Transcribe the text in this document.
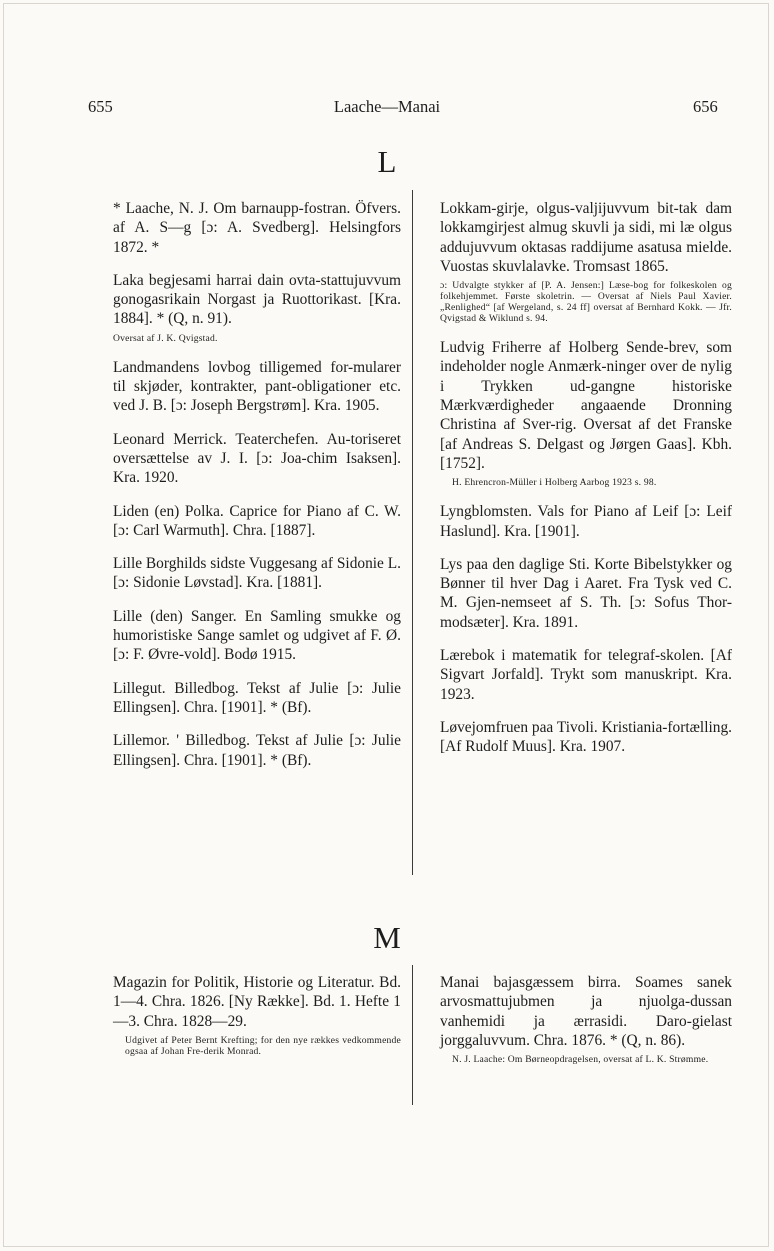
655	Laache—Manai	656
L
* Laache, N. J. Om barnaupp-fostran. Öfvers. af A. S—g [ɔ: A. Svedberg]. Helsingfors 1872. *
Laka begjesami harrai dain ovta-stattujuvvum gonogasrikain Norgast ja Ruottorikast. [Kra. 1884]. * (Q, n. 91).
Oversat af J. K. Qvigstad.
Landmandens lovbog tilligemed for-mularer til skjøder, kontrakter, pant-obligationer etc. ved J. B. [ɔ: Joseph Bergstrøm]. Kra. 1905.
Leonard Merrick. Teaterchefen. Au-toriseret oversættelse av J. I. [ɔ: Joa-chim Isaksen]. Kra. 1920.
Liden (en) Polka. Caprice for Piano af C. W. [ɔ: Carl Warmuth]. Chra. [1887].
Lille Borghilds sidste Vuggesang af Sidonie L. [ɔ: Sidonie Løvstad]. Kra. [1881].
Lille (den) Sanger. En Samling smukke og humoristiske Sange samlet og udgivet af F. Ø. [ɔ: F. Øvre-vold]. Bodø 1915.
Lillegut. Billedbog. Tekst af Julie [ɔ: Julie Ellingsen]. Chra. [1901]. * (Bf).
Lillemor. ' Billedbog. Tekst af Julie [ɔ: Julie Ellingsen]. Chra. [1901]. * (Bf).
Lokkam-girje, olgus-valjijuvvum bit-tak dam lokkamgirjest almug skuvli ja sidi, mi læ olgus addujuvvum oktasas raddijume asatusa mielde. Vuostas skuvlalavke. Tromsast 1865.
ɔ: Udvalgte stykker af [P. A. Jensen:] Læse-bog for folkeskolen og folkehjemmet. Første skoletrin. — Oversat af Niels Paul Xavier. „Renlighed“ [af Wergeland, s. 24 ff] oversat af Bernhard Kokk. — Jfr. Qvigstad & Wiklund s. 94.
Ludvig Friherre af Holberg Sende-brev, som indeholder nogle Anmærk-ninger over de nylig i Trykken ud-gangne historiske Mærkværdigheder angaaende Dronning Christina af Sver-rig. Oversat af det Franske [af Andreas S. Delgast og Jørgen Gaas]. Kbh. [1752].
H. Ehrencron-Müller i Holberg Aarbog 1923 s. 98.
Lyngblomsten. Vals for Piano af Leif [ɔ: Leif Haslund]. Kra. [1901].
Lys paa den daglige Sti. Korte Bibelstykker og Bønner til hver Dag i Aaret. Fra Tysk ved C. M. Gjen-nemseet af S. Th. [ɔ: Sofus Thor-modsæter]. Kra. 1891.
Lærebok i matematik for telegraf-skolen. [Af Sigvart Jorfald]. Trykt som manuskript. Kra. 1923.
Løvejomfruen paa Tivoli. Kristiania-fortælling. [Af Rudolf Muus]. Kra. 1907.
M
Magazin for Politik, Historie og Literatur. Bd. 1—4. Chra. 1826. [Ny Række]. Bd. 1. Hefte 1—3. Chra. 1828—29.
Udgivet af Peter Bernt Krefting; for den nye rækkes vedkommende ogsaa af Johan Fre-derik Monrad.
Manai bajasgæssem birra. Soames sanek arvosmattujubmen ja njuolga-dussan vanhemidi ja ærrasidi. Daro-gielast jorggaluvvum. Chra. 1876. * (Q, n. 86).
N. J. Laache: Om Børneopdragelsen, oversat af L. K. Strømme.
